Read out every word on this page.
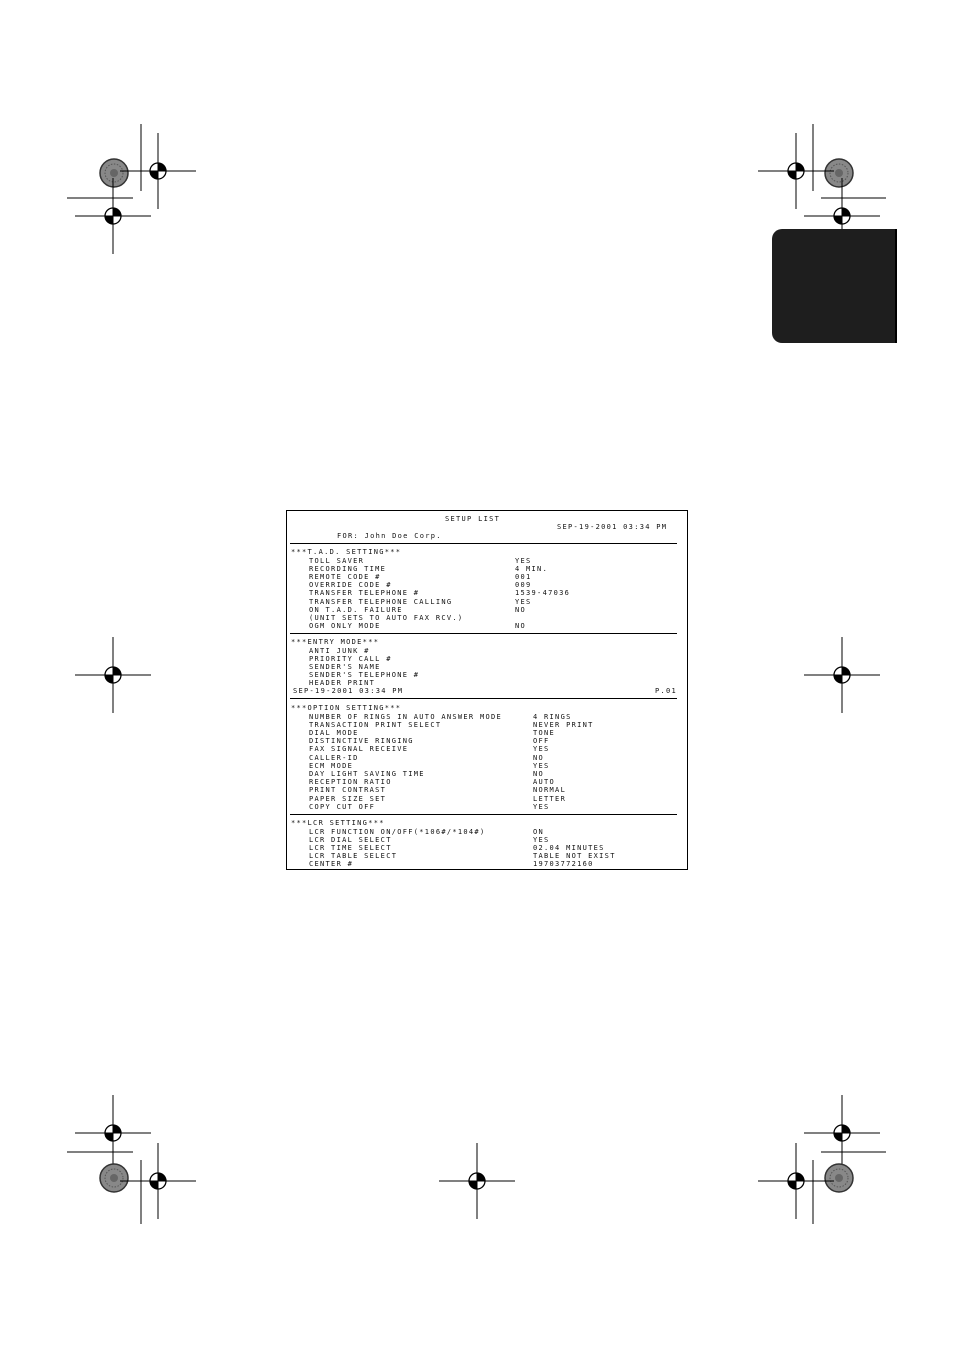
SETUP LIST
SEP-19-2001 03:34 PM
FOR: John Doe Corp.
***T.A.D. SETTING***
TOLL SAVER	YES
RECORDING TIME	4 MIN.
REMOTE CODE #	001
OVERRIDE CODE #	009
TRANSFER TELEPHONE #	1539-47036
TRANSFER TELEPHONE CALLING	YES
ON T.A.D. FAILURE	NO
(UNIT SETS TO AUTO FAX RCV.)
OGM ONLY MODE	NO
***ENTRY MODE***
ANTI JUNK #
PRIORITY CALL #
SENDER'S NAME
SENDER'S TELEPHONE #
HEADER PRINT
SEP-19-2001 03:34 PM	P.01
***OPTION SETTING***
NUMBER OF RINGS IN AUTO ANSWER MODE	4 RINGS
TRANSACTION PRINT SELECT	NEVER PRINT
DIAL MODE	TONE
DISTINCTIVE RINGING	OFF
FAX SIGNAL RECEIVE	YES
CALLER-ID	NO
ECM MODE	YES
DAY LIGHT SAVING TIME	NO
RECEPTION RATIO	AUTO
PRINT CONTRAST	NORMAL
PAPER SIZE SET	LETTER
COPY CUT OFF	YES
***LCR SETTING***
LCR FUNCTION ON/OFF(*106#/*104#)	ON
LCR DIAL SELECT	YES
LCR TIME SELECT	02.04 MINUTES
LCR TABLE SELECT	TABLE NOT EXIST
CENTER #	19703772160
